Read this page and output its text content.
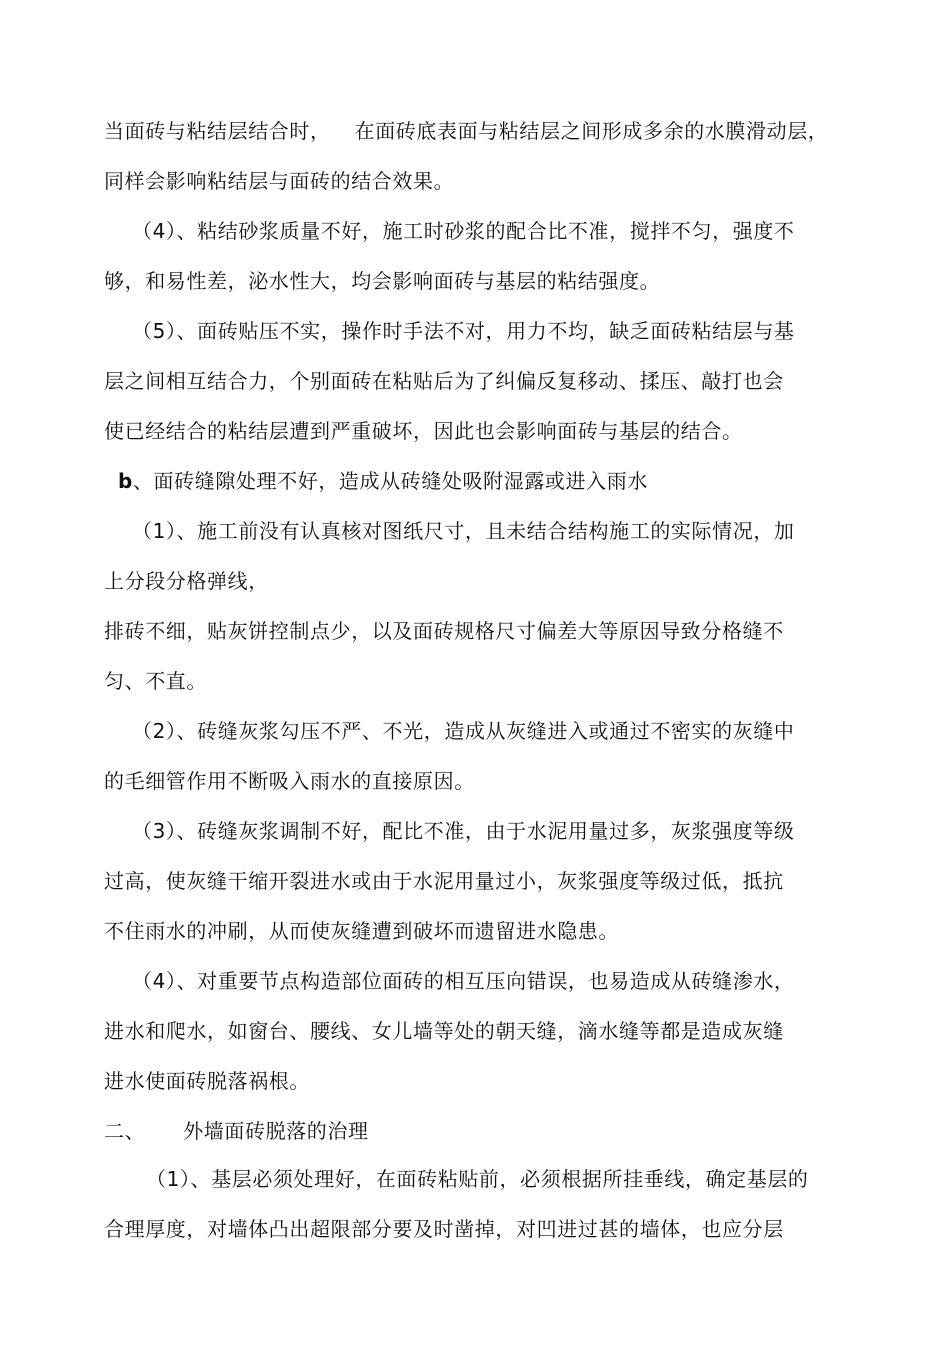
当面砖与粘结层结合时， 在面砖底表面与粘结层之间形成多余的水膜滑动层，
同样会影响粘结层与面砖的结合效果。
（4）、粘结砂浆质量不好，施工时砂浆的配合比不准，搅拌不匀，强度不
够，和易性差，泌水性大，均会影响面砖与基层的粘结强度。
（5）、面砖贴压不实，操作时手法不对，用力不均，缺乏面砖粘结层与基
层之间相互结合力，个别面砖在粘贴后为了纠偏反复移动、揉压、敲打也会
使已经结合的粘结层遭到严重破坏，因此也会影响面砖与基层的结合。
b、面砖缝隙处理不好，造成从砖缝处吸附湿露或进入雨水
（1）、施工前没有认真核对图纸尺寸，且未结合结构施工的实际情况，加
上分段分格弹线，
排砖不细，贴灰饼控制点少，以及面砖规格尺寸偏差大等原因导致分格缝不
匀、不直。
（2）、砖缝灰浆勾压不严、不光，造成从灰缝进入或通过不密实的灰缝中
的毛细管作用不断吸入雨水的直接原因。
（3）、砖缝灰浆调制不好，配比不准，由于水泥用量过多，灰浆强度等级
过高，使灰缝干缩开裂进水或由于水泥用量过小，灰浆强度等级过低，抵抗
不住雨水的冲刷，从而使灰缝遭到破坏而遗留进水隐患。
（4）、对重要节点构造部位面砖的相互压向错误，也易造成从砖缝渗水，
进水和爬水，如窗台、腰线、女儿墙等处的朝天缝，滴水缝等都是造成灰缝
进水使面砖脱落祸根。
二、 外墙面砖脱落的治理
（1）、基层必须处理好，在面砖粘贴前，必须根据所挂垂线，确定基层的
合理厚度，对墙体凸出超限部分要及时凿掉，对凹进过甚的墙体，也应分层
